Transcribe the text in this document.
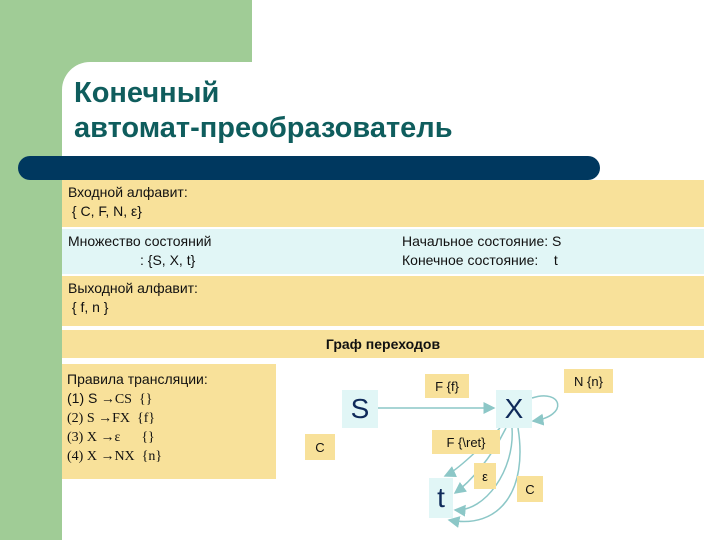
Конечный
автомат-преобразователь
Входной алфавит:
{ C, F, N, ε}
Множество состояний
: {S, X, t}
Начальное состояние: S
Конечное состояние:    t
Выходной алфавит:
{ f, n }
Граф переходов
Правила трансляции:
(1) S →CS  {}
(2) S →FX  {f}
(3) X →ε      {}
(4) X →NX  {n}
S	X
t
F {f}	N {n}
C	F {\ret}
ε
C
